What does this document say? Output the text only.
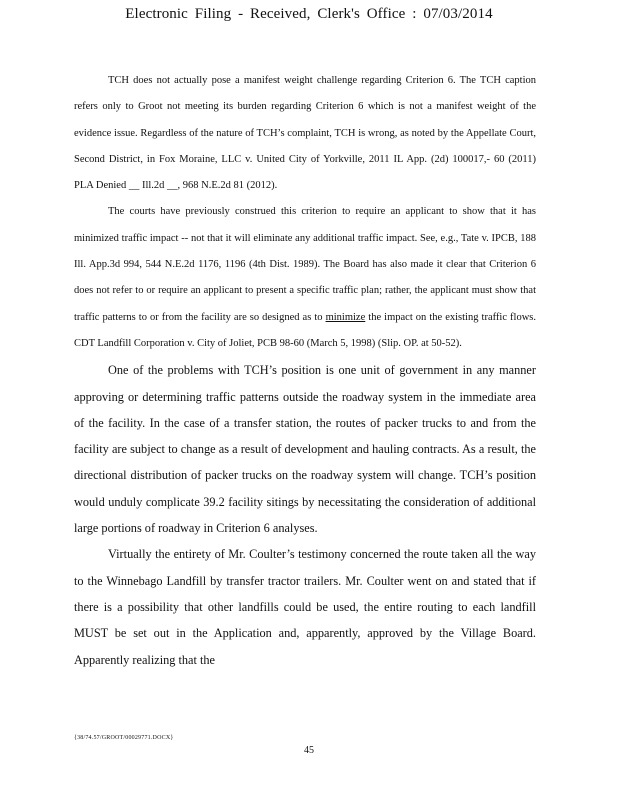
Electronic Filing - Received, Clerk's Office : 07/03/2014

TCH does not actually pose a manifest weight challenge regarding Criterion 6. The TCH caption refers only to Groot not meeting its burden regarding Criterion 6 which is not a manifest weight of the evidence issue. Regardless of the nature of TCH’s complaint, TCH is wrong, as noted by the Appellate Court, Second District, in Fox Moraine, LLC v. United City of Yorkville, 2011 IL App. (2d) 100017,- 60 (2011) PLA Denied __ Ill.2d __, 968 N.E.2d 81 (2012).

The courts have previously construed this criterion to require an applicant to show that it has minimized traffic impact -- not that it will eliminate any additional traffic impact. See, e.g., Tate v. IPCB, 188 Ill. App.3d 994, 544 N.E.2d 1176, 1196 (4th Dist. 1989). The Board has also made it clear that Criterion 6 does not refer to or require an applicant to present a specific traffic plan; rather, the applicant must show that traffic patterns to or from the facility are so designed as to minimize the impact on the existing traffic flows. CDT Landfill Corporation v. City of Joliet, PCB 98-60 (March 5, 1998) (Slip. OP. at 50-52).

One of the problems with TCH’s position is one unit of government in any manner approving or determining traffic patterns outside the roadway system in the immediate area of the facility. In the case of a transfer station, the routes of packer trucks to and from the facility are subject to change as a result of development and hauling contracts. As a result, the directional distribution of packer trucks on the roadway system will change. TCH’s position would unduly complicate 39.2 facility sitings by necessitating the consideration of additional large portions of roadway in Criterion 6 analyses.

Virtually the entirety of Mr. Coulter’s testimony concerned the route taken all the way to the Winnebago Landfill by transfer tractor trailers. Mr. Coulter went on and stated that if there is a possibility that other landfills could be used, the entire routing to each landfill MUST be set out in the Application and, apparently, approved by the Village Board. Apparently realizing that the

{38/74.57/GROOT/00029771.DOCX}
45
